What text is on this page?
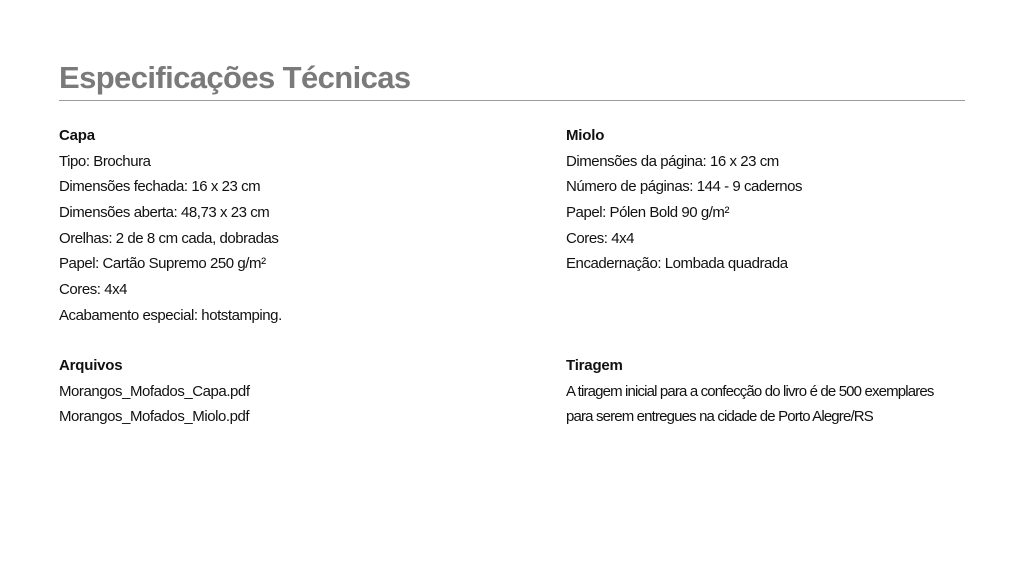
Especificações Técnicas
Capa
Tipo: Brochura
Dimensões fechada: 16 x 23 cm
Dimensões aberta: 48,73 x 23 cm
Orelhas: 2 de 8 cm cada, dobradas
Papel: Cartão Supremo 250 g/m²
Cores: 4x4
Acabamento especial: hotstamping.
Miolo
Dimensões da página: 16 x 23 cm
Número de páginas: 144 - 9 cadernos
Papel: Pólen Bold 90 g/m²
Cores: 4x4
Encadernação: Lombada quadrada
Arquivos
Morangos_Mofados_Capa.pdf
Morangos_Mofados_Miolo.pdf
Tiragem
A tiragem inicial para a confecção do livro é de 500 exemplares
para serem entregues na cidade de Porto Alegre/RS
